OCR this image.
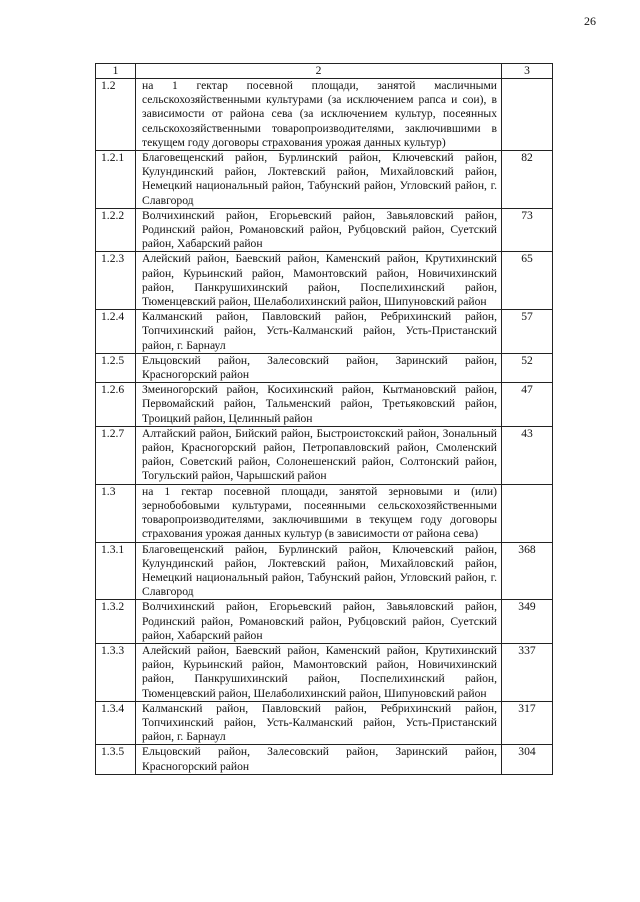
26
1	2	3
1.2	на 1 гектар посевной площади, занятой масличными сельскохозяйственными культурами (за исключением рапса и сои), в зависимости от района сева (за исключением культур, посеянных сельскохозяйственными товаропроизводителями, заключившими в текущем году договоры страхования урожая данных культур)	
1.2.1	Благовещенский район, Бурлинский район, Ключевский район, Кулундинский район, Локтевский район, Михайловский район, Немецкий национальный район, Табунский район, Угловский район, г. Славгород	82
1.2.2	Волчихинский район, Егорьевский район, Завьяловский район, Родинский район, Романовский район, Рубцовский район, Суетский район, Хабарский район	73
1.2.3	Алейский район, Баевский район, Каменский район, Крутихинский район, Курьинский район, Мамонтовский район, Новичихинский район, Панкрушихинский район, Поспелихинский район, Тюменцевский район, Шелаболихинский район, Шипуновский район	65
1.2.4	Калманский район, Павловский район, Ребрихинский район, Топчихинский район, Усть-Калманский район, Усть-Пристанский район, г. Барнаул	57
1.2.5	Ельцовский район, Залесовский район, Заринский район, Красногорский район	52
1.2.6	Змеиногорский район, Косихинский район, Кытмановский район, Первомайский район, Тальменский район, Третьяковский район, Троицкий район, Целинный район	47
1.2.7	Алтайский район, Бийский район, Быстроистокский район, Зональный район, Красногорский район, Петропавловский район, Смоленский район, Советский район, Солонешенский район, Солтонский район, Тогульский район, Чарышский район	43
1.3	на 1 гектар посевной площади, занятой зерновыми и (или) зернобобовыми культурами, посеянными сельскохозяйственными товаропроизводителями, заключившими в текущем году договоры страхования урожая данных культур (в зависимости от района сева)	
1.3.1	Благовещенский район, Бурлинский район, Ключевский район, Кулундинский район, Локтевский район, Михайловский район, Немецкий национальный район, Табунский район, Угловский район, г. Славгород	368
1.3.2	Волчихинский район, Егорьевский район, Завьяловский район, Родинский район, Романовский район, Рубцовский район, Суетский район, Хабарский район	349
1.3.3	Алейский район, Баевский район, Каменский район, Крутихинский район, Курьинский район, Мамонтовский район, Новичихинский район, Панкрушихинский район, Поспелихинский район, Тюменцевский район, Шелаболихинский район, Шипуновский район	337
1.3.4	Калманский район, Павловский район, Ребрихинский район, Топчихинский район, Усть-Калманский район, Усть-Пристанский район, г. Барнаул	317
1.3.5	Ельцовский район, Залесовский район, Заринский район, Красногорский район	304
